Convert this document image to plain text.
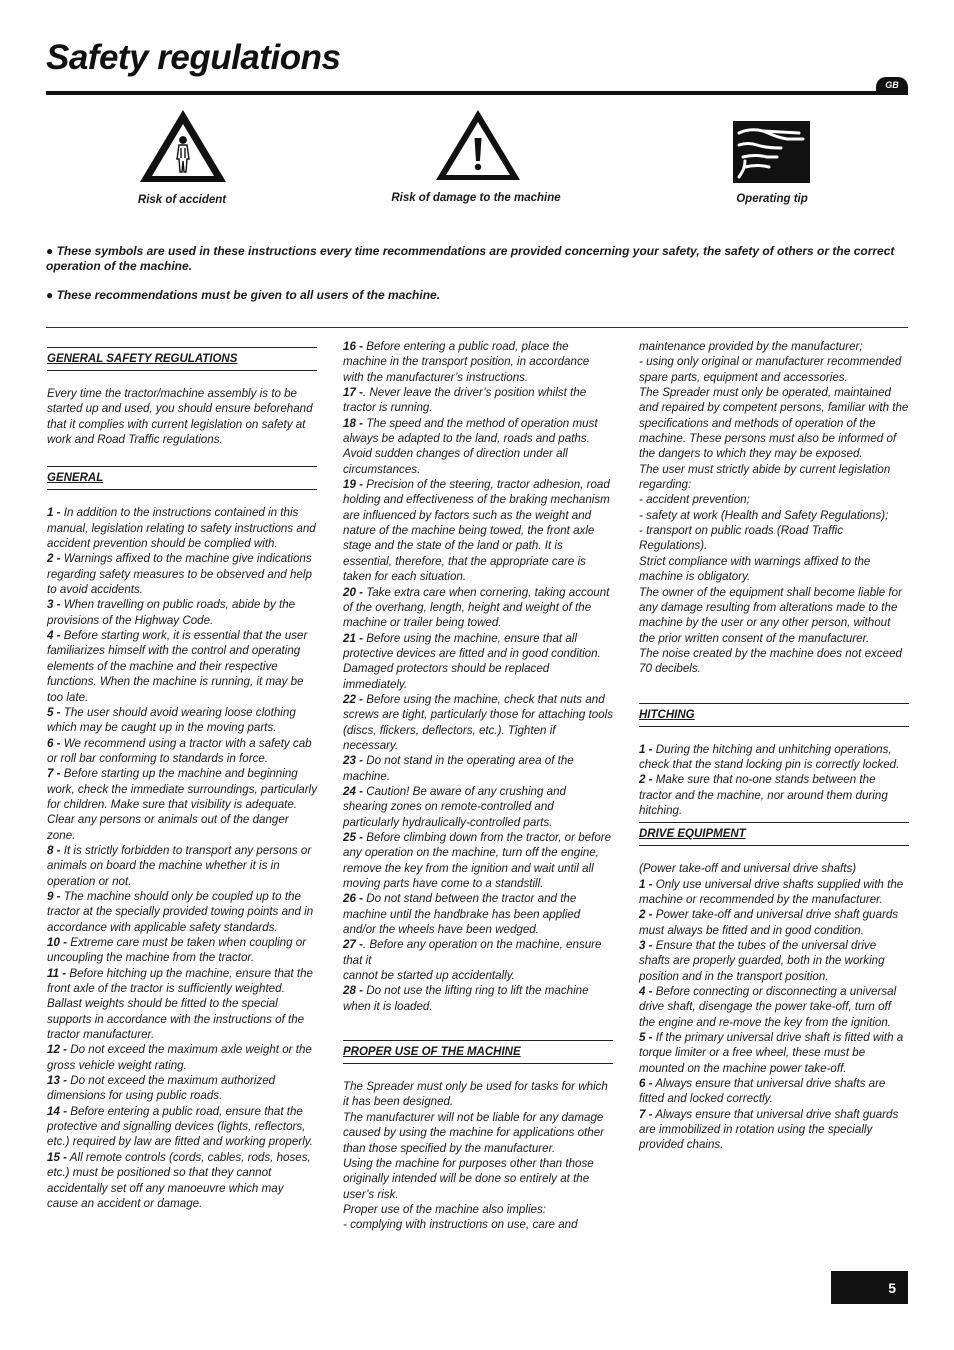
Safety regulations
GB
Risk of accident	Risk of damage to the machine	Operating tip
● These symbols are used in these instructions every time recommendations are provided concerning your safety, the safety of others or the correct operation of the machine.
● These recommendations must be given to all users of the machine.
GENERAL SAFETY REGULATIONS

Every time the tractor/machine assembly is to be started up and used, you should ensure beforehand that it complies with current legislation on safety at work and Road Traffic regulations.

GENERAL

1 - In addition to the instructions contained in this manual, legislation relating to safety instructions and accident prevention should be complied with.

2 - Warnings affixed to the machine give indications regarding safety measures to be observed and help to avoid accidents.

3 - When travelling on public roads, abide by the provisions of the Highway Code.

4 - Before starting work, it is essential that the user familiarizes himself with the control and operating elements of the machine and their respective functions. When the machine is running, it may be too late.

5 - The user should avoid wearing loose clothing which may be caught up in the moving parts.

6 - We recommend using a tractor with a safety cab or roll bar conforming to standards in force.

7 - Before starting up the machine and beginning work, check the immediate surroundings, particularly for children. Make sure that visibility is adequate. Clear any persons or animals out of the danger zone.

8 - It is strictly forbidden to transport any persons or animals on board the machine whether it is in operation or not.

9 - The machine should only be coupled up to the tractor at the specially provided towing points and in accordance with applicable safety standards.

10 - Extreme care must be taken when coupling or uncoupling the machine from the tractor.

11 - Before hitching up the machine, ensure that the front axle of the tractor is sufficiently weighted. Ballast weights should be fitted to the special supports in accordance with the instructions of the tractor manufacturer.

12 - Do not exceed the maximum axle weight or the gross vehicle weight rating.

13 - Do not exceed the maximum authorized dimensions for using public roads.

14 - Before entering a public road, ensure that the protective and signalling devices (lights, reflectors, etc.) required by law are fitted and working properly.

15 - All remote controls (cords, cables, rods, hoses, etc.) must be positioned so that they cannot accidentally set off any manoeuvre which may cause an accident or damage.

16 - Before entering a public road, place the machine in the transport position, in accordance with the manufacturer’s instructions.

17 -. Never leave the driver’s position whilst the tractor is running.

18 - The speed and the method of operation must always be adapted to the land, roads and paths. Avoid sudden changes of direction under all circumstances.

19 - Precision of the steering, tractor adhesion, road holding and effectiveness of the braking mechanism are influenced by factors such as the weight and nature of the machine being towed, the front axle stage and the state of the land or path. It is essential, therefore, that the appropriate care is taken for each situation.

20 - Take extra care when cornering, taking account of the overhang, length, height and weight of the machine or trailer being towed.

21 - Before using the machine, ensure that all protective devices are fitted and in good condition. Damaged protectors should be replaced immediately.

22 - Before using the machine, check that nuts and screws are tight, particularly those for attaching tools (discs, flickers, deflectors, etc.). Tighten if necessary.

23 - Do not stand in the operating area of the machine.

24 - Caution! Be aware of any crushing and shearing zones on remote-controlled and particularly hydraulically-controlled parts.

25 - Before climbing down from the tractor, or before any operation on the machine, turn off the engine, remove the key from the ignition and wait until all moving parts have come to a standstill.

26 - Do not stand between the tractor and the machine until the handbrake has been applied and/or the wheels have been wedged.

27 -. Before any operation on the machine, ensure that it

cannot be started up accidentally.

28 - Do not use the lifting ring to lift the machine when it is loaded.

PROPER USE OF THE MACHINE

The Spreader must only be used for tasks for which it has been designed.

The manufacturer will not be liable for any damage caused by using the machine for applications other than those specified by the manufacturer.

Using the machine for purposes other than those originally intended will be done so entirely at the user’s risk.

Proper use of the machine also implies:

- complying with instructions on use, care and

maintenance provided by the manufacturer;

- using only original or manufacturer recommended spare parts, equipment and accessories.

The Spreader must only be operated, maintained and repaired by competent persons, familiar with the specifications and methods of operation of the machine. These persons must also be informed of the dangers to which they may be exposed.

The user must strictly abide by current legislation regarding:

- accident prevention;

- safety at work (Health and Safety Regulations);

- transport on public roads (Road Traffic Regulations).

Strict compliance with warnings affixed to the machine is obligatory.

The owner of the equipment shall become liable for any damage resulting from alterations made to the machine by the user or any other person, without the prior written consent of the manufacturer.

The noise created by the machine does not exceed 70 decibels.

HITCHING

1 - During the hitching and unhitching operations, check that the stand locking pin is correctly locked.

2 - Make sure that no-one stands between the tractor and the machine, nor around them during hitching.

DRIVE EQUIPMENT

(Power take-off and universal drive shafts)

1 - Only use universal drive shafts supplied with the machine or recommended by the manufacturer.

2 - Power take-off and universal drive shaft guards must always be fitted and in good condition.

3 - Ensure that the tubes of the universal drive shafts are properly guarded, both in the working position and in the transport position.

4 - Before connecting or disconnecting a universal drive shaft, disengage the power take-off, turn off the engine and re-move the key from the ignition.

5 - If the primary universal drive shaft is fitted with a torque limiter or a free wheel, these must be mounted on the machine power take-off.

6 - Always ensure that universal drive shafts are fitted and locked correctly.

7 - Always ensure that universal drive shaft guards are immobilized in rotation using the specially provided chains.

5
